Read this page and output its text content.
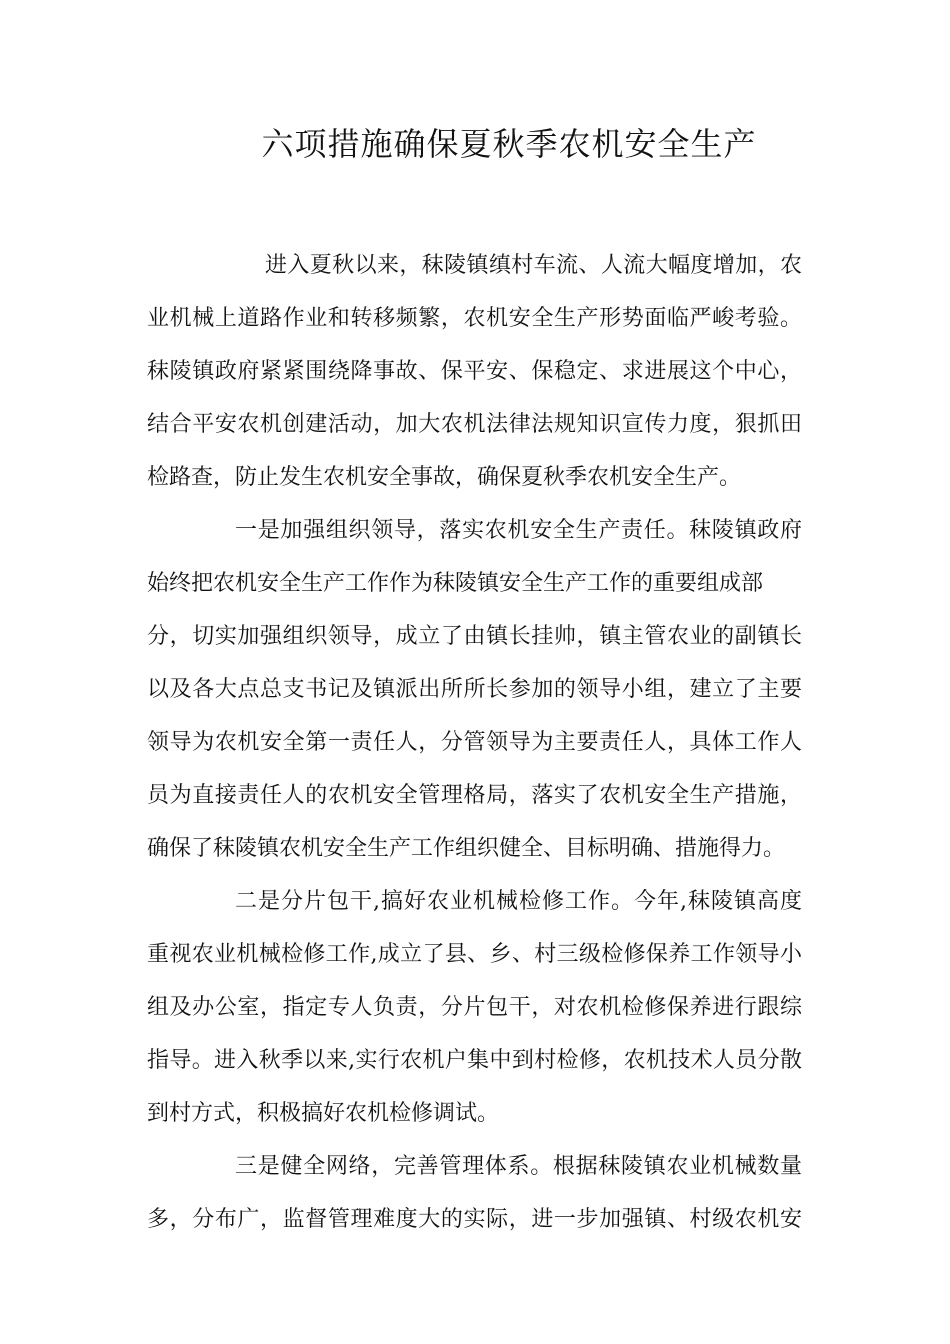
六项措施确保夏秋季农机安全生产
进入夏秋以来，秣陵镇缜村车流、人流大幅度增加，农
业机械上道路作业和转移频繁，农机安全生产形势面临严峻考验。
秣陵镇政府紧紧围绕降事故、保平安、保稳定、求进展这个中心，
结合平安农机创建活动，加大农机法律法规知识宣传力度，狠抓田
检路查，防止发生农机安全事故，确保夏秋季农机安全生产。
一是加强组织领导，落实农机安全生产责任。秣陵镇政府
始终把农机安全生产工作作为秣陵镇安全生产工作的重要组成部
分，切实加强组织领导，成立了由镇长挂帅，镇主管农业的副镇长
以及各大点总支书记及镇派出所所长参加的领导小组，建立了主要
领导为农机安全第一责任人，分管领导为主要责任人，具体工作人
员为直接责任人的农机安全管理格局，落实了农机安全生产措施，
确保了秣陵镇农机安全生产工作组织健全、目标明确、措施得力。
二是分片包干,搞好农业机械检修工作。今年,秣陵镇高度
重视农业机械检修工作,成立了县、乡、村三级检修保养工作领导小
组及办公室，指定专人负责，分片包干，对农机检修保养进行跟综
指导。进入秋季以来,实行农机户集中到村检修，农机技术人员分散
到村方式，积极搞好农机检修调试。
三是健全网络，完善管理体系。根据秣陵镇农业机械数量
多，分布广，监督管理难度大的实际，进一步加强镇、村级农机安
